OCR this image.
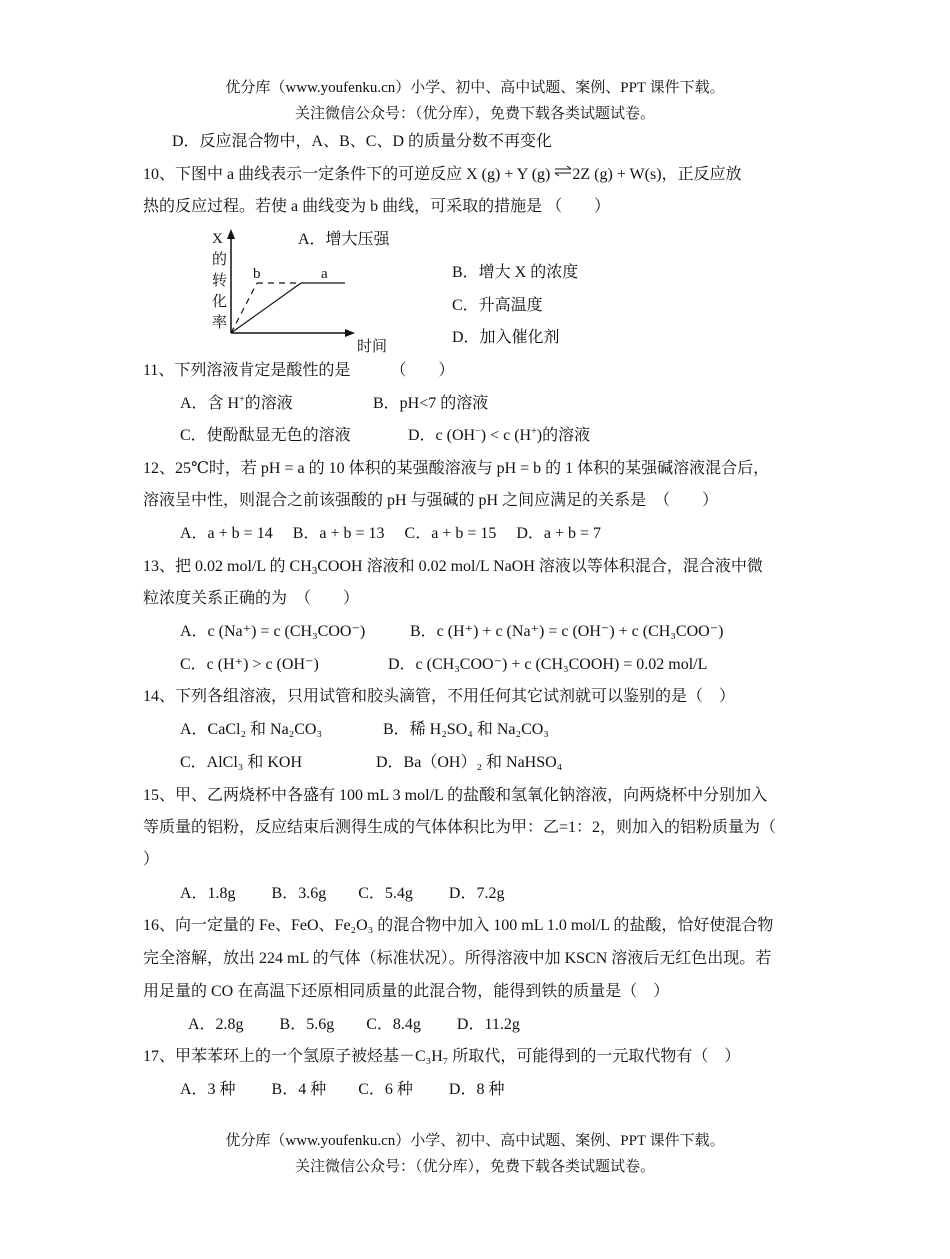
优分库（www.youfenku.cn）小学、初中、高中试题、案例、PPT 课件下载。
关注微信公众号：（优分库），免费下载各类试题试卷。
D．反应混合物中，A、B、C、D 的质量分数不再变化
10、下图中 a 曲线表示一定条件下的可逆反应 X (g) + Y (g) ⇌2Z (g) + W(s)，正反应放
热的反应过程。若使 a 曲线变为 b 曲线，可采取的措施是 （　　）
X的转化率
时间
b	a
A．增大压强
B．增大 X 的浓度
C．升高温度
D．加入催化剂
11、下列溶液肯定是酸性的是　　　（　　）
A．含 H+的溶液	B．pH<7 的溶液
C．使酚酞显无色的溶液	D．c (OH−) < c (H+)的溶液
12、25℃时，若 pH = a 的 10 体积的某强酸溶液与 pH = b 的 1 体积的某强碱溶液混合后，
溶液呈中性，则混合之前该强酸的 pH 与强碱的 pH 之间应满足的关系是　（　　）
A．a + b = 14　 B．a + b = 13　 C．a + b = 15　 D．a + b = 7
13、把 0.02 mol/L 的 $CH_3COOH$ 溶液和 0.02 mol/L NaOH 溶液以等体积混合，混合液中微
粒浓度关系正确的为　（　　）
A．c (Na⁺) = c (CH₃COO⁻)	B．c (H⁺) + c (Na⁺) = c (OH⁻) + c (CH₃COO⁻)
C．c (H⁺) > c (OH⁻)	D．c (CH₃COO⁻) + c (CH₃COOH) = 0.02 mol/L
14、下列各组溶液，只用试管和胶头滴管，不用任何其它试剂就可以鉴别的是（　）
A．CaCl₂ 和 Na₂CO₃	B．稀 H₂SO₄ 和 Na₂CO₃
C．AlCl₃ 和 KOH	D．Ba（OH）₂ 和 NaHSO₄
15、甲、乙两烧杯中各盛有 100 mL 3 mol/L 的盐酸和氢氧化钠溶液，向两烧杯中分别加入
等质量的铝粉，反应结束后测得生成的气体体积比为甲：乙=1：2，则加入的铝粉质量为（
）
A．1.8g　　 B．3.6g　　C．5.4g　　 D．7.2g
16、向一定量的 Fe、FeO、Fe₂O₃ 的混合物中加入 100 mL 1.0 mol/L 的盐酸，恰好使混合物
完全溶解，放出 224 mL 的气体（标准状况）。所得溶液中加 KSCN 溶液后无红色出现。若
用足量的 CO 在高温下还原相同质量的此混合物，能得到铁的质量是（　）
A．2.8g　　 B．5.6g　　C．8.4g　　 D．11.2g
17、甲苯苯环上的一个氢原子被烃基－C₃H₇ 所取代，可能得到的一元取代物有（　）
A．3 种　　 B．4 种　　C．6 种　　 D．8 种
优分库（www.youfenku.cn）小学、初中、高中试题、案例、PPT 课件下载。
关注微信公众号：（优分库），免费下载各类试题试卷。
